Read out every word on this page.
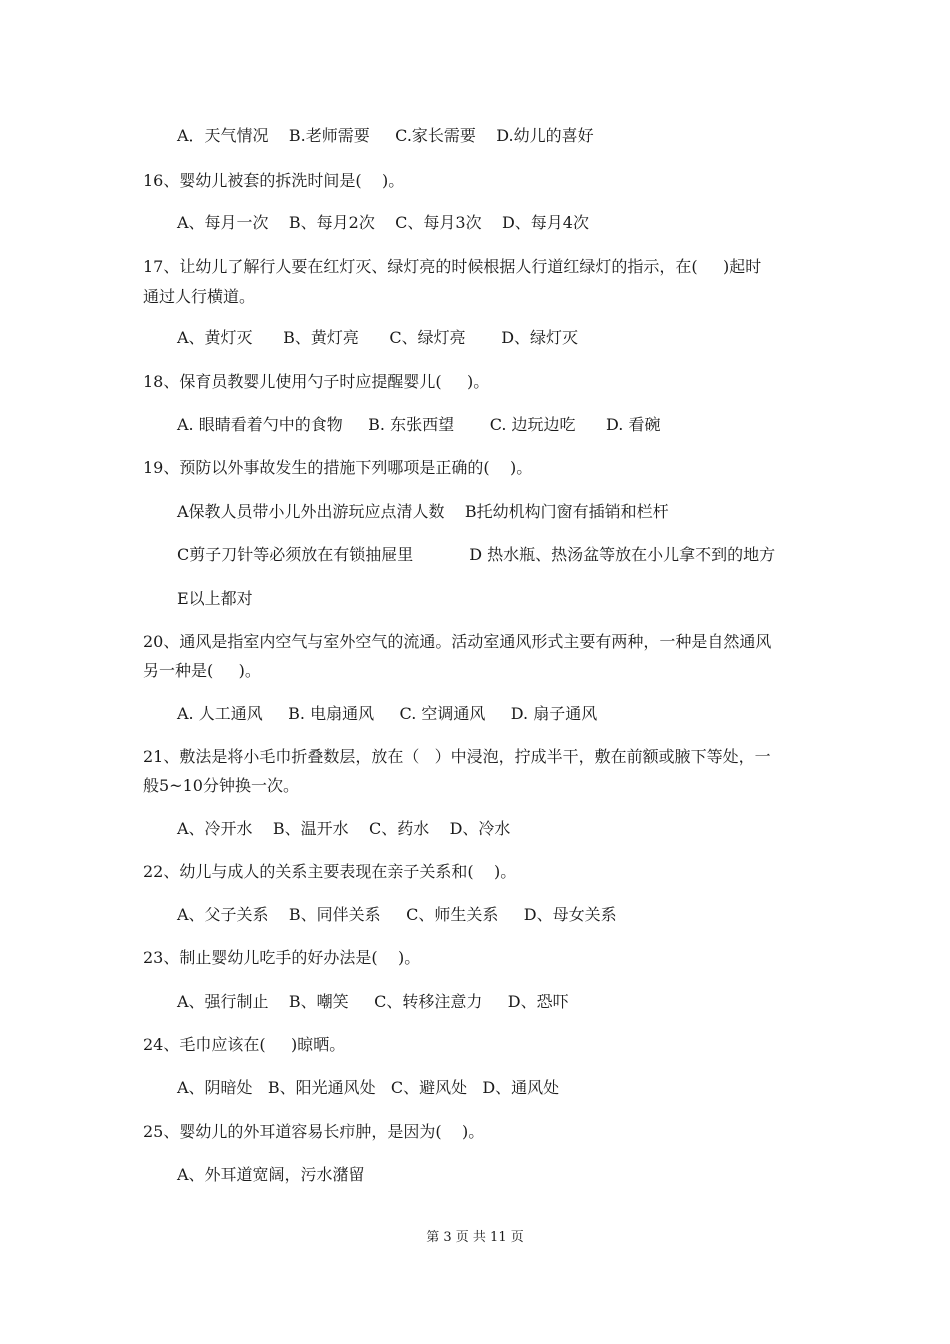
A．天气情况    B.老师需要     C.家长需要    D.幼儿的喜好
16、婴幼儿被套的拆洗时间是(    )。
A、每月一次    B、每月2次    C、每月3次    D、每月4次
17、让幼儿了解行人要在红灯灭、绿灯亮的时候根据人行道红绿灯的指示，在(     )起时
通过人行横道。
A、黄灯灭      B、黄灯亮      C、绿灯亮       D、绿灯灭
18、保育员教婴儿使用勺子时应提醒婴儿(     )。
A. 眼睛看着勺中的食物     B. 东张西望       C. 边玩边吃      D. 看碗
19、预防以外事故发生的措施下列哪项是正确的(    )。
A保教人员带小儿外出游玩应点清人数    B托幼机构门窗有插销和栏杆
C剪子刀针等必须放在有锁抽屉里           D 热水瓶、热汤盆等放在小儿拿不到的地方
E以上都对
20、通风是指室内空气与室外空气的流通。活动室通风形式主要有两种，一种是自然通风
另一种是(     )。
A. 人工通风     B. 电扇通风     C. 空调通风     D. 扇子通风
21、敷法是将小毛巾折叠数层，放在（   ）中浸泡，拧成半干，敷在前额或腋下等处，一
般5~10分钟换一次。
A、冷开水    B、温开水    C、药水    D、冷水
22、幼儿与成人的关系主要表现在亲子关系和(    )。
A、父子关系    B、同伴关系     C、师生关系     D、母女关系
23、制止婴幼儿吃手的好办法是(    )。
A、强行制止    B、嘲笑     C、转移注意力     D、恐吓
24、毛巾应该在(     )晾晒。
A、阴暗处   B、阳光通风处   C、避风处   D、通风处
25、婴幼儿的外耳道容易长疖肿，是因为(    )。
A、外耳道宽阔，污水潴留
第 3 页 共 11 页
